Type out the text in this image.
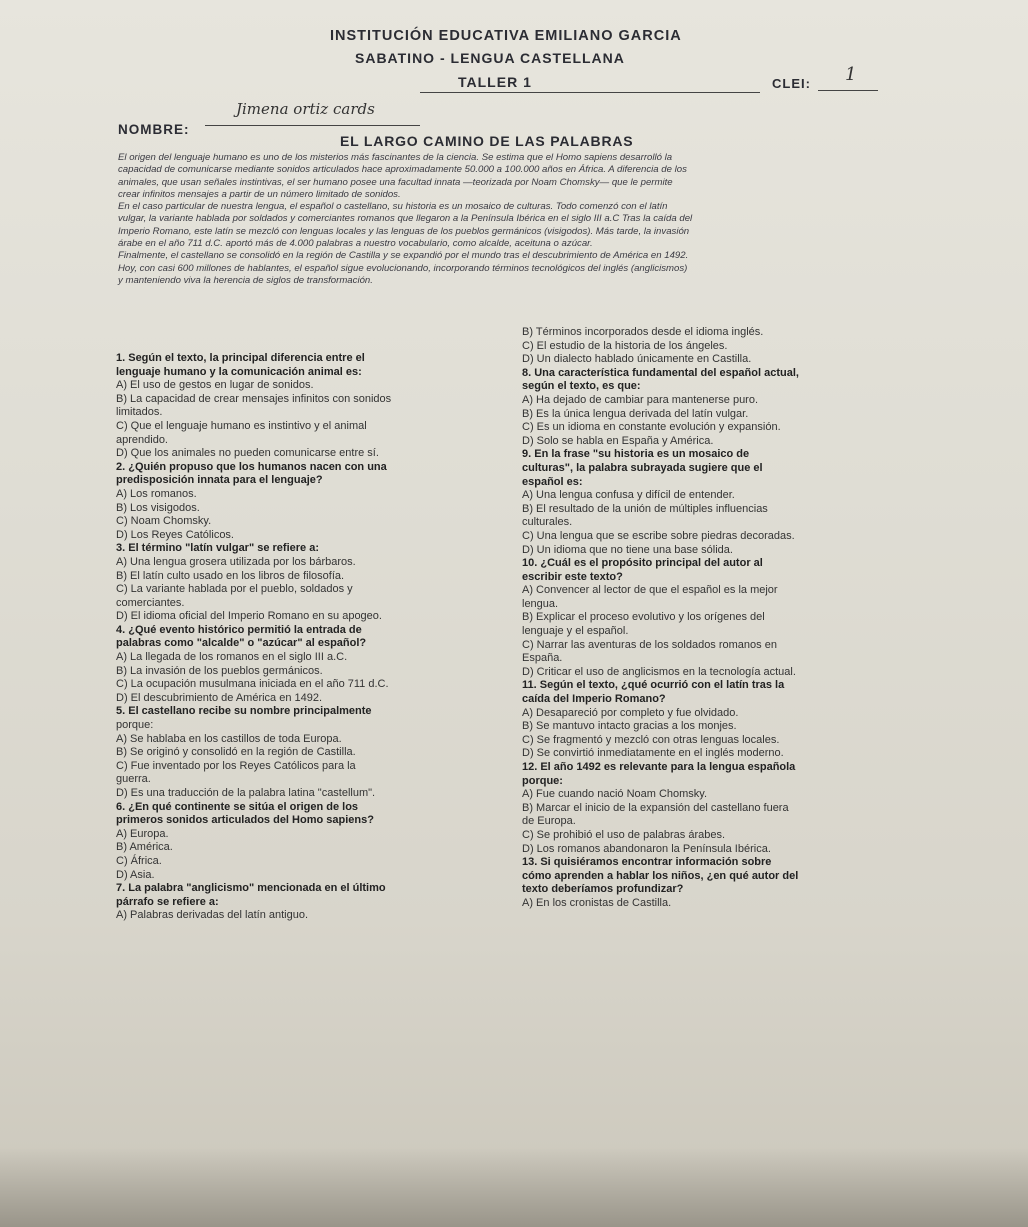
INSTITUCIÓN EDUCATIVA EMILIANO GARCIA
SABATINO - LENGUA CASTELLANA
TALLER 1	CLEI: 1
NOMBRE:
Jimena ortiz cards
EL LARGO CAMINO DE LAS PALABRAS

El origen del lenguaje humano es uno de los misterios más fascinantes de la ciencia. Se estima que el Homo sapiens desarrolló la

capacidad de comunicarse mediante sonidos articulados hace aproximadamente 50.000 a 100.000 años en África. A diferencia de los

animales, que usan señales instintivas, el ser humano posee una facultad innata —teorizada por Noam Chomsky— que le permite

crear infinitos mensajes a partir de un número limitado de sonidos.

En el caso particular de nuestra lengua, el español o castellano, su historia es un mosaico de culturas. Todo comenzó con el latín

vulgar, la variante hablada por soldados y comerciantes romanos que llegaron a la Península Ibérica en el siglo III a.C Tras la caída del

Imperio Romano, este latín se mezcló con lenguas locales y las lenguas de los pueblos germánicos (visigodos). Más tarde, la invasión

árabe en el año 711 d.C. aportó más de 4.000 palabras a nuestro vocabulario, como alcalde, aceituna o azúcar.

Finalmente, el castellano se consolidó en la región de Castilla y se expandió por el mundo tras el descubrimiento de América en 1492.

Hoy, con casi 600 millones de hablantes, el español sigue evolucionando, incorporando términos tecnológicos del inglés (anglicismos)

y manteniendo viva la herencia de siglos de transformación.

1. Según el texto, la principal diferencia entre el

lenguaje humano y la comunicación animal es:

A) El uso de gestos en lugar de sonidos.

B) La capacidad de crear mensajes infinitos con sonidos

limitados.

C) Que el lenguaje humano es instintivo y el animal

aprendido.

D) Que los animales no pueden comunicarse entre sí.

2. ¿Quién propuso que los humanos nacen con una

predisposición innata para el lenguaje?

A) Los romanos.

B) Los visigodos.

C) Noam Chomsky.

D) Los Reyes Católicos.

3. El término "latín vulgar" se refiere a:

A) Una lengua grosera utilizada por los bárbaros.

B) El latín culto usado en los libros de filosofía.

C) La variante hablada por el pueblo, soldados y

comerciantes.

D) El idioma oficial del Imperio Romano en su apogeo.

4. ¿Qué evento histórico permitió la entrada de

palabras como "alcalde" o "azúcar" al español?

A) La llegada de los romanos en el siglo III a.C.

B) La invasión de los pueblos germánicos.

C) La ocupación musulmana iniciada en el año 711 d.C.

D) El descubrimiento de América en 1492.

5. El castellano recibe su nombre principalmente

porque:

A) Se hablaba en los castillos de toda Europa.

B) Se originó y consolidó en la región de Castilla.

C) Fue inventado por los Reyes Católicos para la

guerra.

D) Es una traducción de la palabra latina "castellum".

6. ¿En qué continente se sitúa el origen de los

primeros sonidos articulados del Homo sapiens?

A) Europa.

B) América.

C) África.

D) Asia.

7. La palabra "anglicismo" mencionada en el último

párrafo se refiere a:

A) Palabras derivadas del latín antiguo.

B) Términos incorporados desde el idioma inglés.

C) El estudio de la historia de los ángeles.

D) Un dialecto hablado únicamente en Castilla.

8. Una característica fundamental del español actual,

según el texto, es que:

A) Ha dejado de cambiar para mantenerse puro.

B) Es la única lengua derivada del latín vulgar.

C) Es un idioma en constante evolución y expansión.

D) Solo se habla en España y América.

9. En la frase "su historia es un mosaico de

culturas", la palabra subrayada sugiere que el

español es:

A) Una lengua confusa y difícil de entender.

B) El resultado de la unión de múltiples influencias

culturales.

C) Una lengua que se escribe sobre piedras decoradas.

D) Un idioma que no tiene una base sólida.

10. ¿Cuál es el propósito principal del autor al

escribir este texto?

A) Convencer al lector de que el español es la mejor

lengua.

B) Explicar el proceso evolutivo y los orígenes del

lenguaje y el español.

C) Narrar las aventuras de los soldados romanos en

España.

D) Criticar el uso de anglicismos en la tecnología actual.

11. Según el texto, ¿qué ocurrió con el latín tras la

caída del Imperio Romano?

A) Desapareció por completo y fue olvidado.

B) Se mantuvo intacto gracias a los monjes.

C) Se fragmentó y mezcló con otras lenguas locales.

D) Se convirtió inmediatamente en el inglés moderno.

12. El año 1492 es relevante para la lengua española

porque:

A) Fue cuando nació Noam Chomsky.

B) Marcar el inicio de la expansión del castellano fuera

de Europa.

C) Se prohibió el uso de palabras árabes.

D) Los romanos abandonaron la Península Ibérica.

13. Si quisiéramos encontrar información sobre

cómo aprenden a hablar los niños, ¿en qué autor del

texto deberíamos profundizar?

A) En los cronistas de Castilla.
